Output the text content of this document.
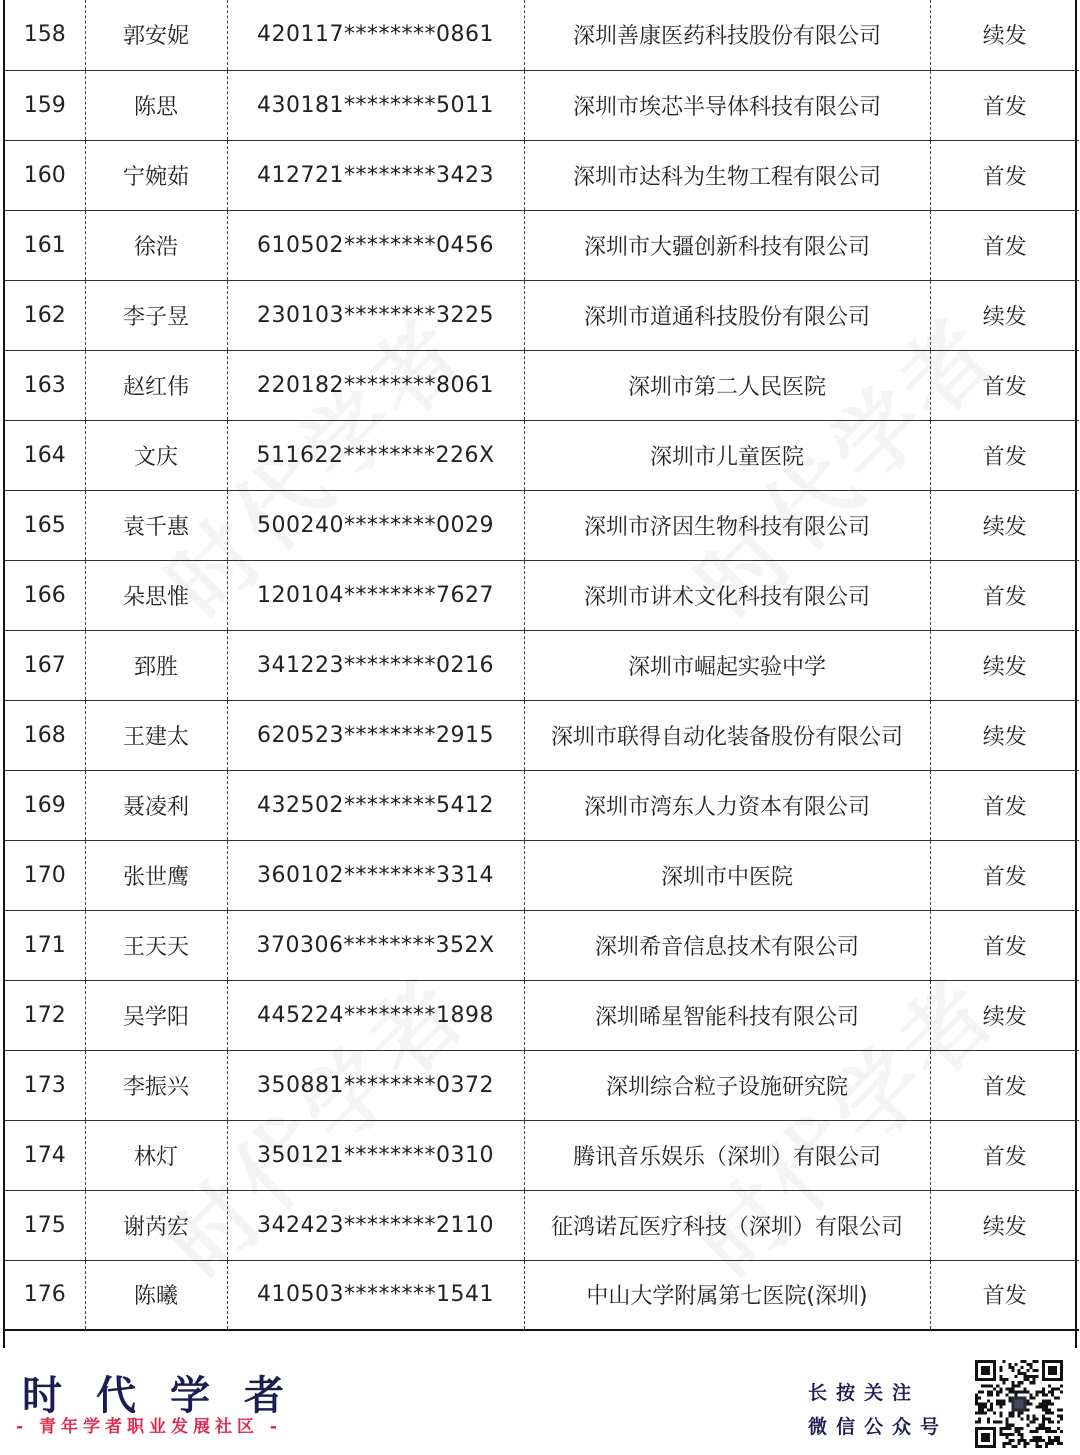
158	郭安妮	420117********0861	深圳善康医药科技股份有限公司	续发
159	陈思	430181********5011	深圳市埃芯半导体科技有限公司	首发
160	宁婉茹	412721********3423	深圳市达科为生物工程有限公司	首发
161	徐浩	610502********0456	深圳市大疆创新科技有限公司	首发
162	李子昱	230103********3225	深圳市道通科技股份有限公司	续发
163	赵红伟	220182********8061	深圳市第二人民医院	首发
164	文庆	511622********226X	深圳市儿童医院	首发
165	袁千惠	500240********0029	深圳市济因生物科技有限公司	续发
166	朵思惟	120104********7627	深圳市讲术文化科技有限公司	首发
167	郅胜	341223********0216	深圳市崛起实验中学	续发
168	王建太	620523********2915	深圳市联得自动化装备股份有限公司	续发
169	聂凌利	432502********5412	深圳市湾东人力资本有限公司	首发
170	张世鹰	360102********3314	深圳市中医院	首发
171	王天天	370306********352X	深圳希音信息技术有限公司	首发
172	吴学阳	445224********1898	深圳晞星智能科技有限公司	续发
173	李振兴	350881********0372	深圳综合粒子设施研究院	首发
174	林灯	350121********0310	腾讯音乐娱乐（深圳）有限公司	首发
175	谢芮宏	342423********2110	征鸿诺瓦医疗科技（深圳）有限公司	续发
176	陈曦	410503********1541	中山大学附属第七医院(深圳)	首发
时代学者
- 青年学者职业发展社区 -
长按关注
微信公众号
